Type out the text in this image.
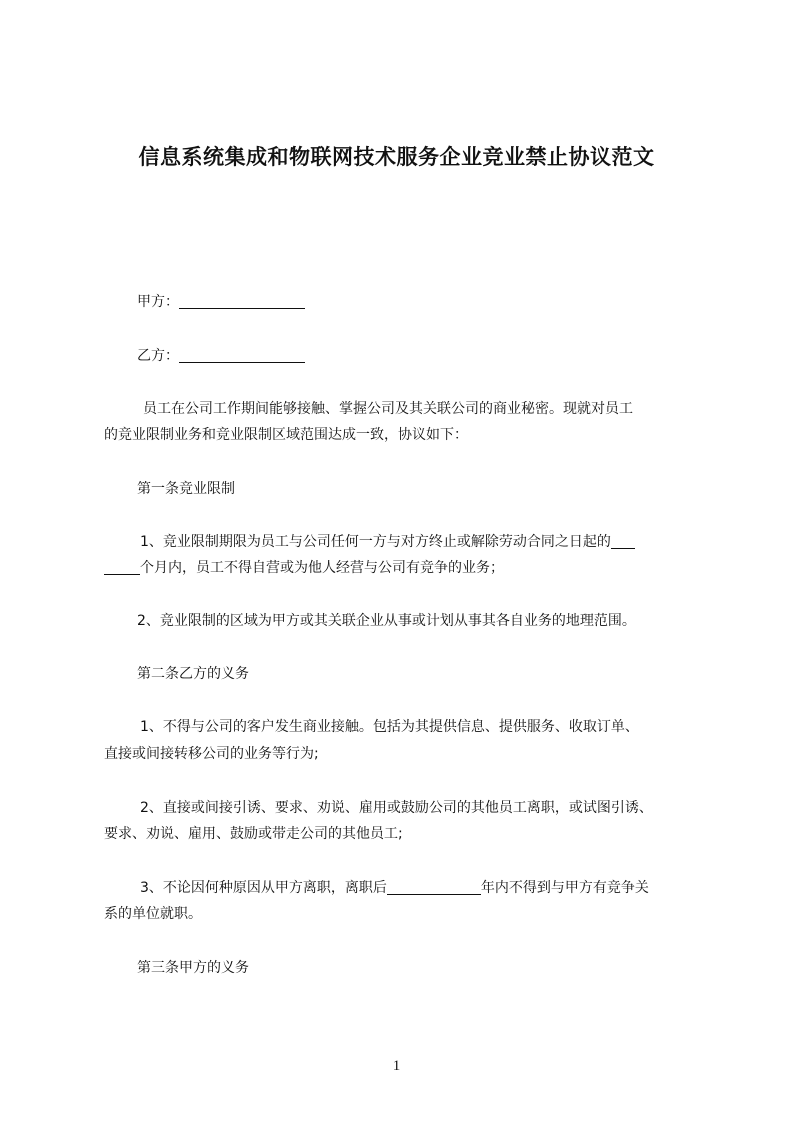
信息系统集成和物联网技术服务企业竞业禁止协议范文
甲方：
乙方：
员工在公司工作期间能够接触、掌握公司及其关联公司的商业秘密。现就对员工
的竞业限制业务和竞业限制区域范围达成一致，协议如下：
第一条竞业限制
1、竞业限制期限为员工与公司任何一方与对方终止或解除劳动合同之日起的
个月内，员工不得自营或为他人经营与公司有竞争的业务；
2、竞业限制的区域为甲方或其关联企业从事或计划从事其各自业务的地理范围。
第二条乙方的义务
1、不得与公司的客户发生商业接触。包括为其提供信息、提供服务、收取订单、
直接或间接转移公司的业务等行为;
2、直接或间接引诱、要求、劝说、雇用或鼓励公司的其他员工离职，或试图引诱、
要求、劝说、雇用、鼓励或带走公司的其他员工;
3、不论因何种原因从甲方离职，离职后	年内不得到与甲方有竞争关
系的单位就职。
第三条甲方的义务
1
